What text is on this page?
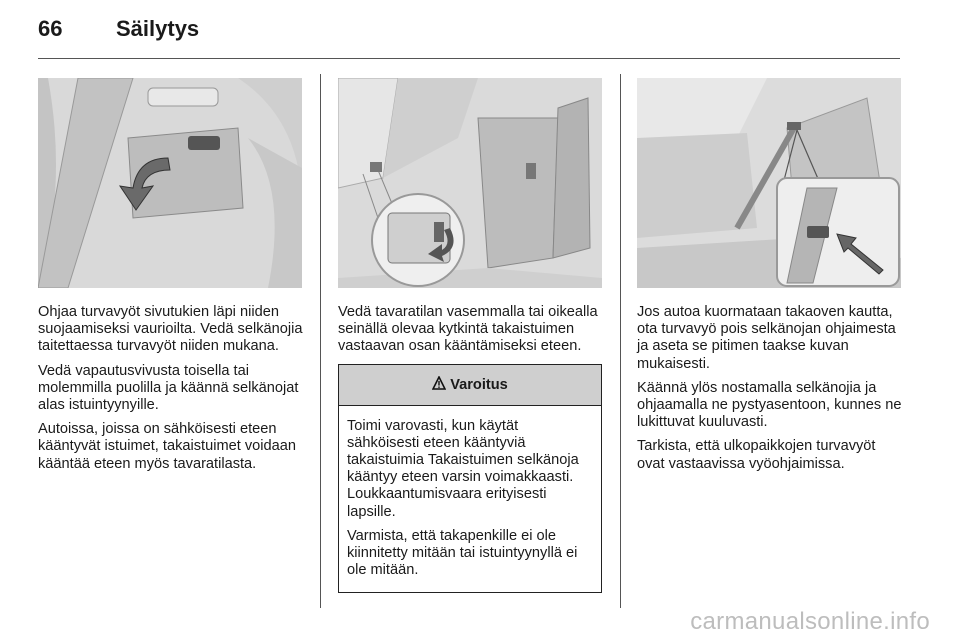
66	Säilytys

Ohjaa turvavyöt sivutukien läpi niiden suojaamiseksi vaurioilta. Vedä selkänojia taitettaessa turvavyöt niiden mukana.

Vedä vapautusvivusta toisella tai molemmilla puolilla ja käännä selkänojat alas istuintyynyille.

Autoissa, joissa on sähköisesti eteen kääntyvät istuimet, takaistuimet voidaan kääntää eteen myös tavaratilasta.

Vedä tavaratilan vasemmalla tai oikealla seinällä olevaa kytkintä takaistuimen vastaavan osan kääntämiseksi eteen.

Varoitus

Toimi varovasti, kun käytät sähköisesti eteen kääntyviä takaistuimia Takaistuimen selkänoja kääntyy eteen varsin voimakkaasti. Loukkaantumisvaara erityisesti lapsille.

Varmista, että takapenkille ei ole kiinnitetty mitään tai istuintyynyllä ei ole mitään.

Jos autoa kuormataan takaoven kautta, ota turvavyö pois selkänojan ohjaimesta ja aseta se pitimen taakse kuvan mukaisesti.

Käännä ylös nostamalla selkänojia ja ohjaamalla ne pystyasentoon, kunnes ne lukittuvat kuuluvasti.

Tarkista, että ulkopaikkojen turvavyöt ovat vastaavissa vyöohjaimissa.

carmanualsonline.info
